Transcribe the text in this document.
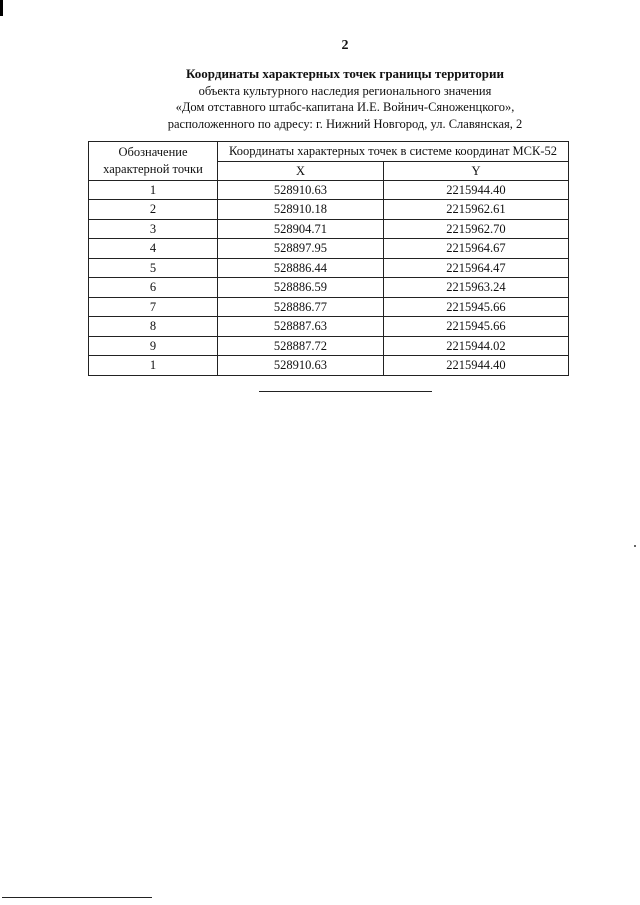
2
Координаты характерных точек границы территории
объекта культурного наследия регионального значения
«Дом отставного штабс-капитана И.Е. Войнич-Сяноженцкого»,
расположенного по адресу: г. Нижний Новгород, ул. Славянская, 2
Обозначение характерной точки	Координаты характерных точек в системе координат МСК-52	
	X	Y
1	528910.63	2215944.40
2	528910.18	2215962.61
3	528904.71	2215962.70
4	528897.95	2215964.67
5	528886.44	2215964.47
6	528886.59	2215963.24
7	528886.77	2215945.66
8	528887.63	2215945.66
9	528887.72	2215944.02
1	528910.63	2215944.40
